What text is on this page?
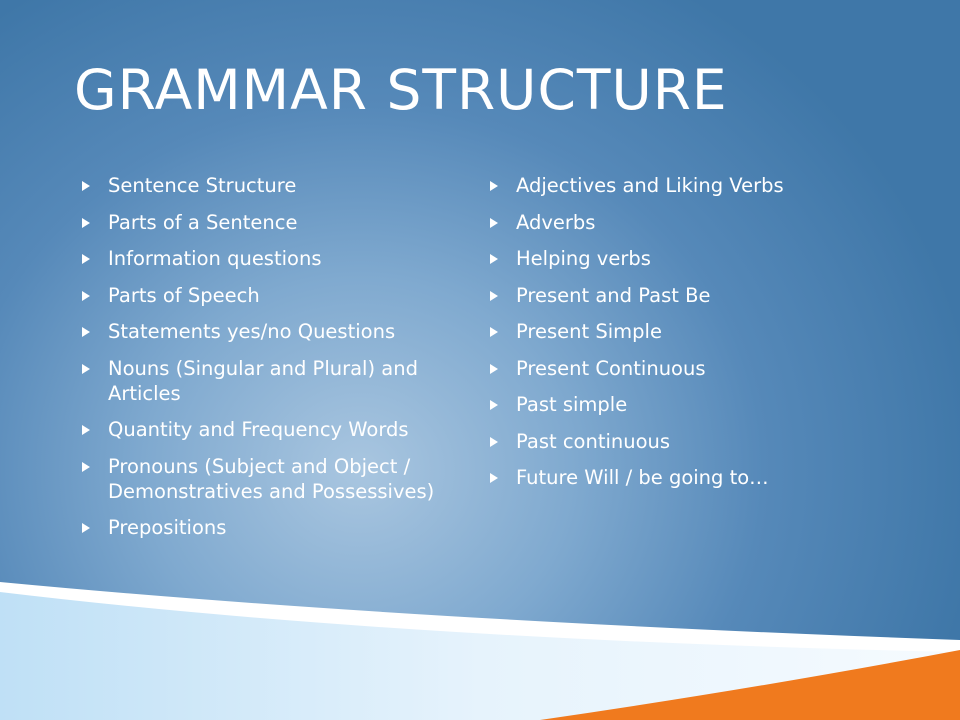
GRAMMAR STRUCTURE
Sentence Structure
Parts of a Sentence
Information questions
Parts of Speech
Statements yes/no Questions
Nouns (Singular and Plural) and Articles
Quantity and Frequency Words
Pronouns (Subject and Object / Demonstratives and Possessives)
Prepositions
Adjectives and Liking Verbs
Adverbs
Helping verbs
Present and Past Be
Present Simple
Present Continuous
Past simple
Past continuous
Future Will / be going to…
